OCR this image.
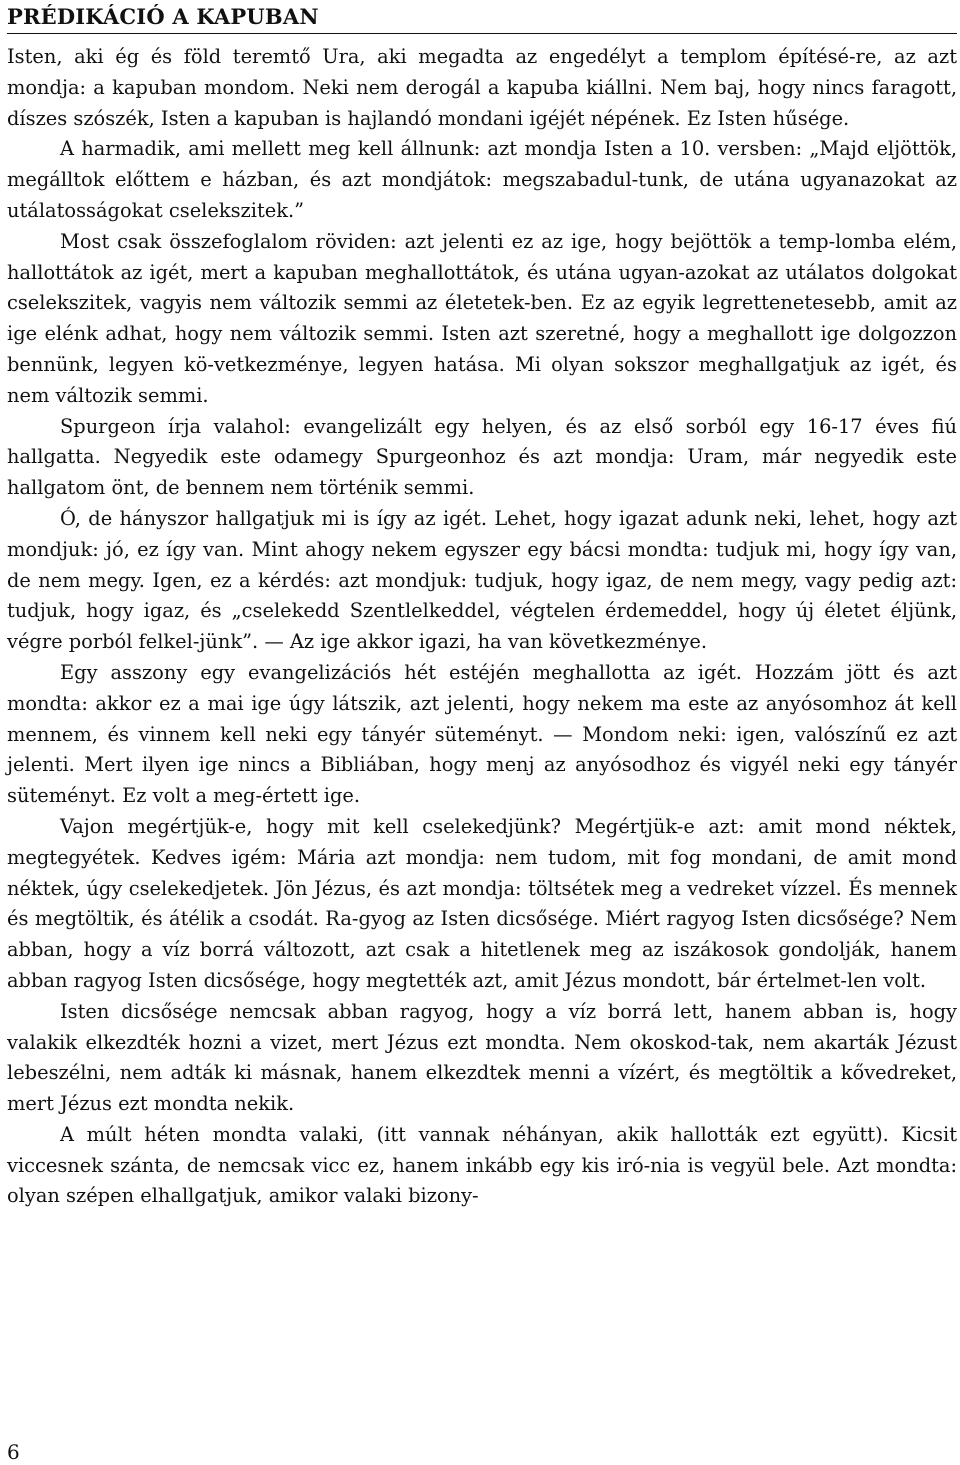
PRÉDIKÁCIÓ A KAPUBAN

Isten, aki ég és föld teremtő Ura, aki megadta az engedélyt a templom építésé-re, az azt mondja: a kapuban mondom. Neki nem derogál a kapuba kiállni. Nem baj, hogy nincs faragott, díszes szószék, Isten a kapuban is hajlandó mondani igéjét népének. Ez Isten hűsége.

A harmadik, ami mellett meg kell állnunk: azt mondja Isten a 10. versben: „Majd eljöttök, megálltok előttem e házban, és azt mondjátok: megszabadul-tunk, de utána ugyanazokat az utálatosságokat cselekszitek.”

Most csak összefoglalom röviden: azt jelenti ez az ige, hogy bejöttök a temp-lomba elém, hallottátok az igét, mert a kapuban meghallottátok, és utána ugyan-azokat az utálatos dolgokat cselekszitek, vagyis nem változik semmi az életetek-ben. Ez az egyik legrettenetesebb, amit az ige elénk adhat, hogy nem változik semmi. Isten azt szeretné, hogy a meghallott ige dolgozzon bennünk, legyen kö-vetkezménye, legyen hatása. Mi olyan sokszor meghallgatjuk az igét, és nem változik semmi.

Spurgeon írja valahol: evangelizált egy helyen, és az első sorból egy 16-17 éves fiú hallgatta. Negyedik este odamegy Spurgeonhoz és azt mondja: Uram, már negyedik este hallgatom önt, de bennem nem történik semmi.

Ó, de hányszor hallgatjuk mi is így az igét. Lehet, hogy igazat adunk neki, lehet, hogy azt mondjuk: jó, ez így van. Mint ahogy nekem egyszer egy bácsi mondta: tudjuk mi, hogy így van, de nem megy. Igen, ez a kérdés: azt mondjuk: tudjuk, hogy igaz, de nem megy, vagy pedig azt: tudjuk, hogy igaz, és „cselekedd Szentlelkeddel, végtelen érdemeddel, hogy új életet éljünk, végre porból felkel-jünk”. — Az ige akkor igazi, ha van következménye.

Egy asszony egy evangelizációs hét estéjén meghallotta az igét. Hozzám jött és azt mondta: akkor ez a mai ige úgy látszik, azt jelenti, hogy nekem ma este az anyósomhoz át kell mennem, és vinnem kell neki egy tányér süteményt. — Mondom neki: igen, valószínű ez azt jelenti. Mert ilyen ige nincs a Bibliában, hogy menj az anyósodhoz és vigyél neki egy tányér süteményt. Ez volt a meg-értett ige.

Vajon megértjük-e, hogy mit kell cselekedjünk? Megértjük-e azt: amit mond néktek, megtegyétek. Kedves igém: Mária azt mondja: nem tudom, mit fog mondani, de amit mond néktek, úgy cselekedjetek. Jön Jézus, és azt mondja: töltsétek meg a vedreket vízzel. És mennek és megtöltik, és átélik a csodát. Ra-gyog az Isten dicsősége. Miért ragyog Isten dicsősége? Nem abban, hogy a víz borrá változott, azt csak a hitetlenek meg az iszákosok gondolják, hanem abban ragyog Isten dicsősége, hogy megtették azt, amit Jézus mondott, bár értelmet-len volt.

Isten dicsősége nemcsak abban ragyog, hogy a víz borrá lett, hanem abban is, hogy valakik elkezdték hozni a vizet, mert Jézus ezt mondta. Nem okoskod-tak, nem akarták Jézust lebeszélni, nem adták ki másnak, hanem elkezdtek menni a vízért, és megtöltik a kővedreket, mert Jézus ezt mondta nekik.

A múlt héten mondta valaki, (itt vannak néhányan, akik hallották ezt együtt). Kicsit viccesnek szánta, de nemcsak vicc ez, hanem inkább egy kis iró-nia is vegyül bele. Azt mondta: olyan szépen elhallgatjuk, amikor valaki bizony-

6
